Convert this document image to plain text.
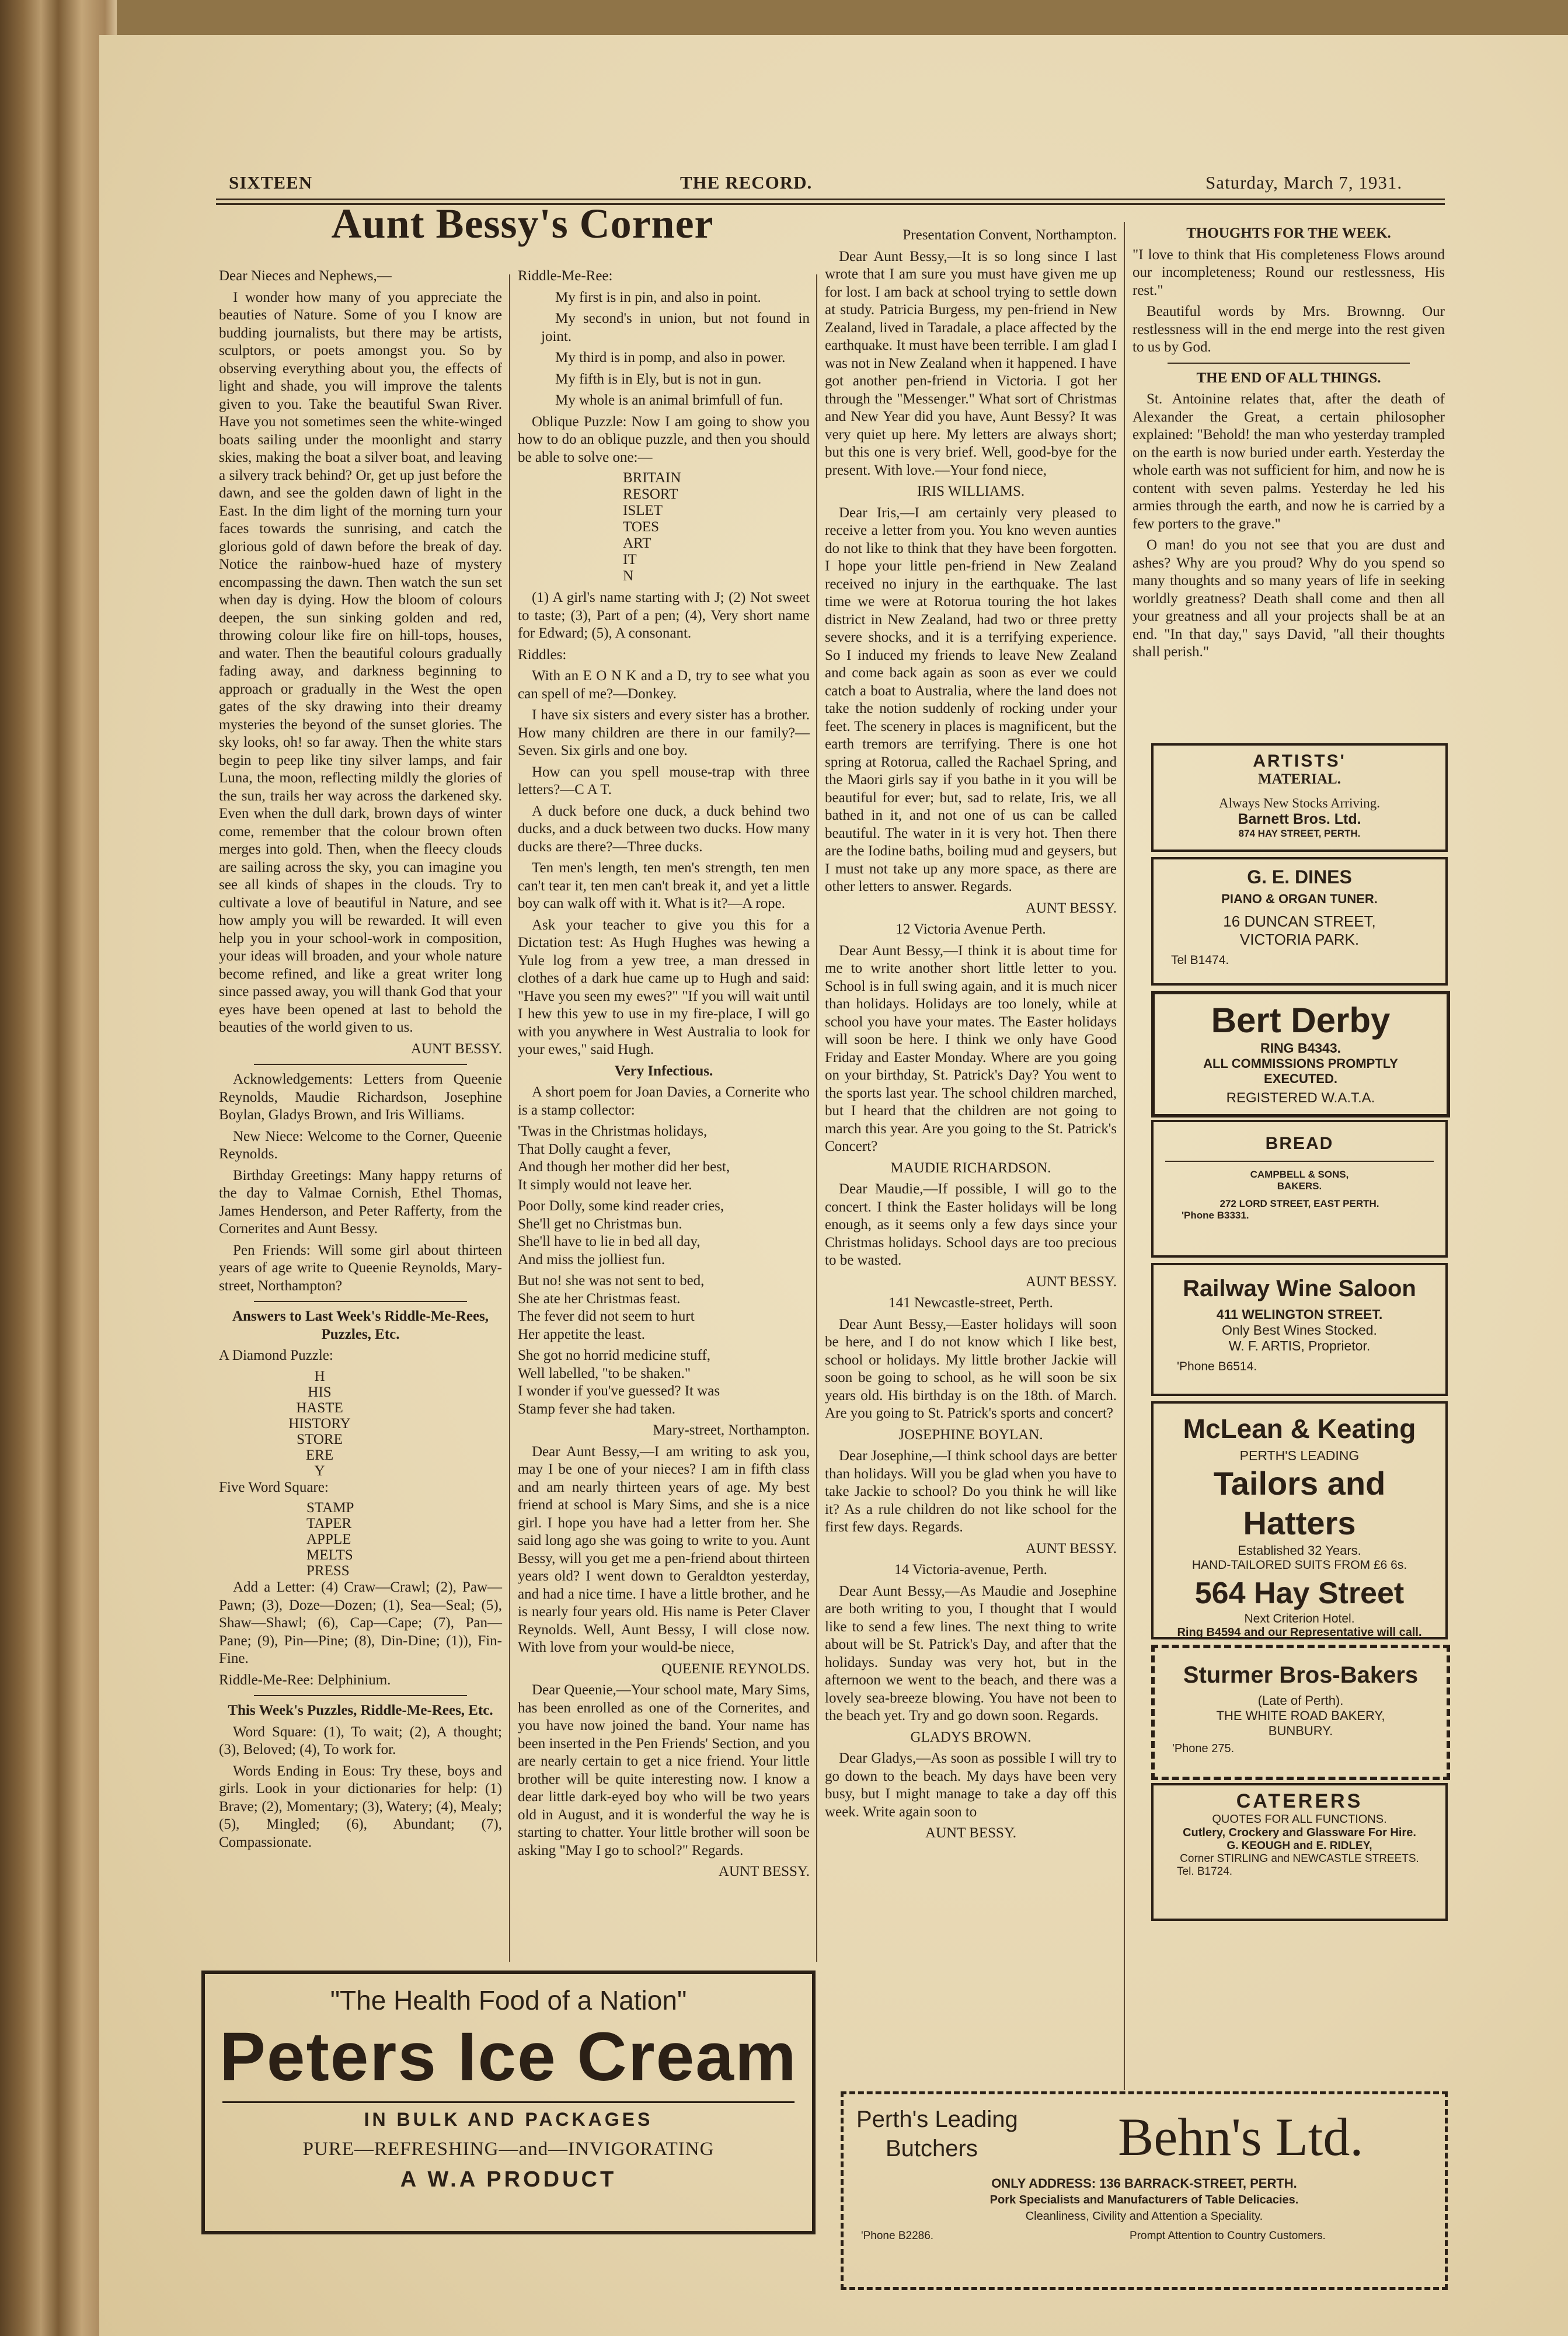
SIXTEEN	THE RECORD.	Saturday, March 7, 1931.
Aunt Bessy's Corner

Dear Nieces and Nephews,—

I wonder how many of you appreciate the beauties of Nature. Some of you I know are budding journalists, but there may be artists, sculptors, or poets amongst you. So by observing everything about you, the effects of light and shade, you will improve the talents given to you. Take the beautiful Swan River. Have you not sometimes seen the white-winged boats sailing under the moonlight and starry skies, making the boat a silver boat, and leaving a silvery track behind? Or, get up just before the dawn, and see the golden dawn of light in the East. In the dim light of the morning turn your faces towards the sunrising, and catch the glorious gold of dawn before the break of day. Notice the rainbow-hued haze of mystery encompassing the dawn. Then watch the sun set when day is dying. How the bloom of colours deepen, the sun sinking golden and red, throwing colour like fire on hill-tops, houses, and water. Then the beautiful colours gradually fading away, and darkness beginning to approach or gradually in the West the open gates of the sky drawing into their dreamy mysteries the beyond of the sunset glories. The sky looks, oh! so far away. Then the white stars begin to peep like tiny silver lamps, and fair Luna, the moon, reflecting mildly the glories of the sun, trails her way across the darkened sky. Even when the dull dark, brown days of winter come, remember that the colour brown often merges into gold. Then, when the fleecy clouds are sailing across the sky, you can imagine you see all kinds of shapes in the clouds. Try to cultivate a love of beautiful in Nature, and see how amply you will be rewarded. It will even help you in your school-work in composition, your ideas will broaden, and your whole nature become refined, and like a great writer long since passed away, you will thank God that your eyes have been opened at last to behold the beauties of the world given to us.

AUNT BESSY.

Acknowledgements: Letters from Queenie Reynolds, Maudie Richardson, Josephine Boylan, Gladys Brown, and Iris Williams.

New Niece: Welcome to the Corner, Queenie Reynolds.

Birthday Greetings: Many happy returns of the day to Valmae Cornish, Ethel Thomas, James Henderson, and Peter Rafferty, from the Cornerites and Aunt Bessy.

Pen Friends: Will some girl about thirteen years of age write to Queenie Reynolds, Mary-street, Northampton?

Answers to Last Week's Riddle-Me-Rees, Puzzles, Etc.

A Diamond Puzzle:

H
HIS
HASTE
HISTORY
STORE
ERE
Y

Five Word Square:

STAMP
TAPER
APPLE
MELTS
PRESS

Add a Letter: (4) Craw—Crawl; (2), Paw—Pawn; (3), Doze—Dozen; (1), Sea—Seal; (5), Shaw—Shawl; (6), Cap—Cape; (7), Pan—Pane; (9), Pin—Pine; (8), Din-Dine; (1)), Fin-Fine.

Riddle-Me-Ree: Delphinium.

This Week's Puzzles, Riddle-Me-Rees, Etc.

Word Square: (1), To wait; (2), A thought; (3), Beloved; (4), To work for.

Words Ending in Eous: Try these, boys and girls. Look in your dictionaries for help: (1) Brave; (2), Momentary; (3), Watery; (4), Mealy; (5), Mingled; (6), Abundant; (7), Compassionate.

Riddle-Me-Ree:

My first is in pin, and also in point.

My second's in union, but not found in joint.

My third is in pomp, and also in power.

My fifth is in Ely, but is not in gun.

My whole is an animal brimfull of fun.

Oblique Puzzle: Now I am going to show you how to do an oblique puzzle, and then you should be able to solve one:—

BRITAIN
RESORT
ISLET
TOES
ART
IT
N

(1) A girl's name starting with J; (2) Not sweet to taste; (3), Part of a pen; (4), Very short name for Edward; (5), A consonant.

Riddles:

With an E O N K and a D, try to see what you can spell of me?—Donkey.

I have six sisters and every sister has a brother. How many children are there in our family?—Seven. Six girls and one boy.

How can you spell mouse-trap with three letters?—C A T.

A duck before one duck, a duck behind two ducks, and a duck between two ducks. How many ducks are there?—Three ducks.

Ten men's length, ten men's strength, ten men can't tear it, ten men can't break it, and yet a little boy can walk off with it. What is it?—A rope.

Ask your teacher to give you this for a Dictation test: As Hugh Hughes was hewing a Yule log from a yew tree, a man dressed in clothes of a dark hue came up to Hugh and said: "Have you seen my ewes?" "If you will wait until I hew this yew to use in my fire-place, I will go with you anywhere in West Australia to look for your ewes," said Hugh.

Very Infectious.

A short poem for Joan Davies, a Cornerite who is a stamp collector:

'Twas in the Christmas holidays,
That Dolly caught a fever,
And though her mother did her best,
It simply would not leave her.
Poor Dolly, some kind reader cries,
She'll get no Christmas bun.
She'll have to lie in bed all day,
And miss the jolliest fun.
But no! she was not sent to bed,
She ate her Christmas feast.
The fever did not seem to hurt
Her appetite the least.
She got no horrid medicine stuff,
Well labelled, "to be shaken."
I wonder if you've guessed? It was
Stamp fever she had taken.

Mary-street, Northampton.

Dear Aunt Bessy,—I am writing to ask you, may I be one of your nieces? I am in fifth class and am nearly thirteen years of age. My best friend at school is Mary Sims, and she is a nice girl. I hope you have had a letter from her. She said long ago she was going to write to you. Aunt Bessy, will you get me a pen-friend about thirteen years old? I went down to Geraldton yesterday, and had a nice time. I have a little brother, and he is nearly four years old. His name is Peter Claver Reynolds. Well, Aunt Bessy, I will close now. With love from your would-be niece,

QUEENIE REYNOLDS.

Dear Queenie,—Your school mate, Mary Sims, has been enrolled as one of the Cornerites, and you have now joined the band. Your name has been inserted in the Pen Friends' Section, and you are nearly certain to get a nice friend. Your little brother will be quite interesting now. I know a dear little dark-eyed boy who will be two years old in August, and it is wonderful the way he is starting to chatter. Your little brother will soon be asking "May I go to school?" Regards.

AUNT BESSY.

Presentation Convent, Northampton.

Dear Aunt Bessy,—It is so long since I last wrote that I am sure you must have given me up for lost. I am back at school trying to settle down at study. Patricia Burgess, my pen-friend in New Zealand, lived in Taradale, a place affected by the earthquake. It must have been terrible. I am glad I was not in New Zealand when it happened. I have got another pen-friend in Victoria. I got her through the "Messenger." What sort of Christmas and New Year did you have, Aunt Bessy? It was very quiet up here. My letters are always short; but this one is very brief. Well, good-bye for the present. With love.—Your fond niece,

IRIS WILLIAMS.

Dear Iris,—I am certainly very pleased to receive a letter from you. You kno weven aunties do not like to think that they have been forgotten. I hope your little pen-friend in New Zealand received no injury in the earthquake. The last time we were at Rotorua touring the hot lakes district in New Zealand, had two or three pretty severe shocks, and it is a terrifying experience. So I induced my friends to leave New Zealand and come back again as soon as ever we could catch a boat to Australia, where the land does not take the notion suddenly of rocking under your feet. The scenery in places is magnificent, but the earth tremors are terrifying. There is one hot spring at Rotorua, called the Rachael Spring, and the Maori girls say if you bathe in it you will be beautiful for ever; but, sad to relate, Iris, we all bathed in it, and not one of us can be called beautiful. The water in it is very hot. Then there are the Iodine baths, boiling mud and geysers, but I must not take up any more space, as there are other letters to answer. Regards.

AUNT BESSY.

12 Victoria Avenue Perth.

Dear Aunt Bessy,—I think it is about time for me to write another short little letter to you. School is in full swing again, and it is much nicer than holidays. Holidays are too lonely, while at school you have your mates. The Easter holidays will soon be here. I think we only have Good Friday and Easter Monday. Where are you going on your birthday, St. Patrick's Day? You went to the sports last year. The school children marched, but I heard that the children are not going to march this year. Are you going to the St. Patrick's Concert?

MAUDIE RICHARDSON.

Dear Maudie,—If possible, I will go to the concert. I think the Easter holidays will be long enough, as it seems only a few days since your Christmas holidays. School days are too precious to be wasted.

AUNT BESSY.

141 Newcastle-street, Perth.

Dear Aunt Bessy,—Easter holidays will soon be here, and I do not know which I like best, school or holidays. My little brother Jackie will soon be going to school, as he will soon be six years old. His birthday is on the 18th. of March. Are you going to St. Patrick's sports and concert?

JOSEPHINE BOYLAN.

Dear Josephine,—I think school days are better than holidays. Will you be glad when you have to take Jackie to school? Do you think he will like it? As a rule children do not like school for the first few days. Regards.

AUNT BESSY.

14 Victoria-avenue, Perth.

Dear Aunt Bessy,—As Maudie and Josephine are both writing to you, I thought that I would like to send a few lines. The next thing to write about will be St. Patrick's Day, and after that the holidays. Sunday was very hot, but in the afternoon we went to the beach, and there was a lovely sea-breeze blowing. You have not been to the beach yet. Try and go down soon. Regards.

GLADYS BROWN.

Dear Gladys,—As soon as possible I will try to go down to the beach. My days have been very busy, but I might manage to take a day off this week. Write again soon to

AUNT BESSY.

THOUGHTS FOR THE WEEK.

"I love to think that His completeness Flows around our incompleteness; Round our restlessness, His rest."

Beautiful words by Mrs. Brownng. Our restlessness will in the end merge into the rest given to us by God.

THE END OF ALL THINGS.

St. Antoinine relates that, after the death of Alexander the Great, a certain philosopher explained: "Behold! the man who yesterday trampled on the earth is now buried under earth. Yesterday the whole earth was not sufficient for him, and now he is content with seven palms. Yesterday he led his armies through the earth, and now he is carried by a few porters to the grave."

O man! do you not see that you are dust and ashes? Why are you proud? Why do you spend so many thoughts and so many years of life in seeking worldly greatness? Death shall come and then all your greatness and all your projects shall be at an end. "In that day," says David, "all their thoughts shall perish."

ARTISTS'
MATERIAL.
Always New Stocks Arriving.
Barnett Bros. Ltd.
874 HAY STREET, PERTH.
G. E. DINES
PIANO & ORGAN TUNER.
16 DUNCAN STREET,
VICTORIA PARK.
Tel B1474.
Bert Derby
RING B4343.
ALL COMMISSIONS PROMPTLY EXECUTED.
REGISTERED W.A.T.A.
BREAD
CAMPBELL & SONS,
BAKERS.
272 LORD STREET, EAST PERTH.
'Phone B3331.
Railway Wine Saloon
411 WELINGTON STREET.
Only Best Wines Stocked.
W. F. ARTIS, Proprietor.
'Phone B6514.
McLean & Keating
PERTH'S LEADING
Tailors and Hatters
Established 32 Years.
HAND-TAILORED SUITS FROM £6 6s.
564 Hay Street
Next Criterion Hotel.
Ring B4594 and our Representative will call.
Sturmer Bros-Bakers
(Late of Perth).
THE WHITE ROAD BAKERY,
BUNBURY.
'Phone 275.
CATERERS
QUOTES FOR ALL FUNCTIONS.
Cutlery, Crockery and Glassware For Hire.
G. KEOUGH and E. RIDLEY,
Corner STIRLING and NEWCASTLE STREETS.
Tel. B1724.
"The Health Food of a Nation"
Peters Ice Cream
IN BULK AND PACKAGES
PURE—REFRESHING—and—INVIGORATING
A W.A PRODUCT
Perth's Leading
Butchers	Behn's Ltd.
ONLY ADDRESS: 136 BARRACK-STREET, PERTH.
Pork Specialists and Manufacturers of Table Delicacies.
Cleanliness, Civility and Attention a Speciality.
'Phone B2286.	Prompt Attention to Country Customers.
